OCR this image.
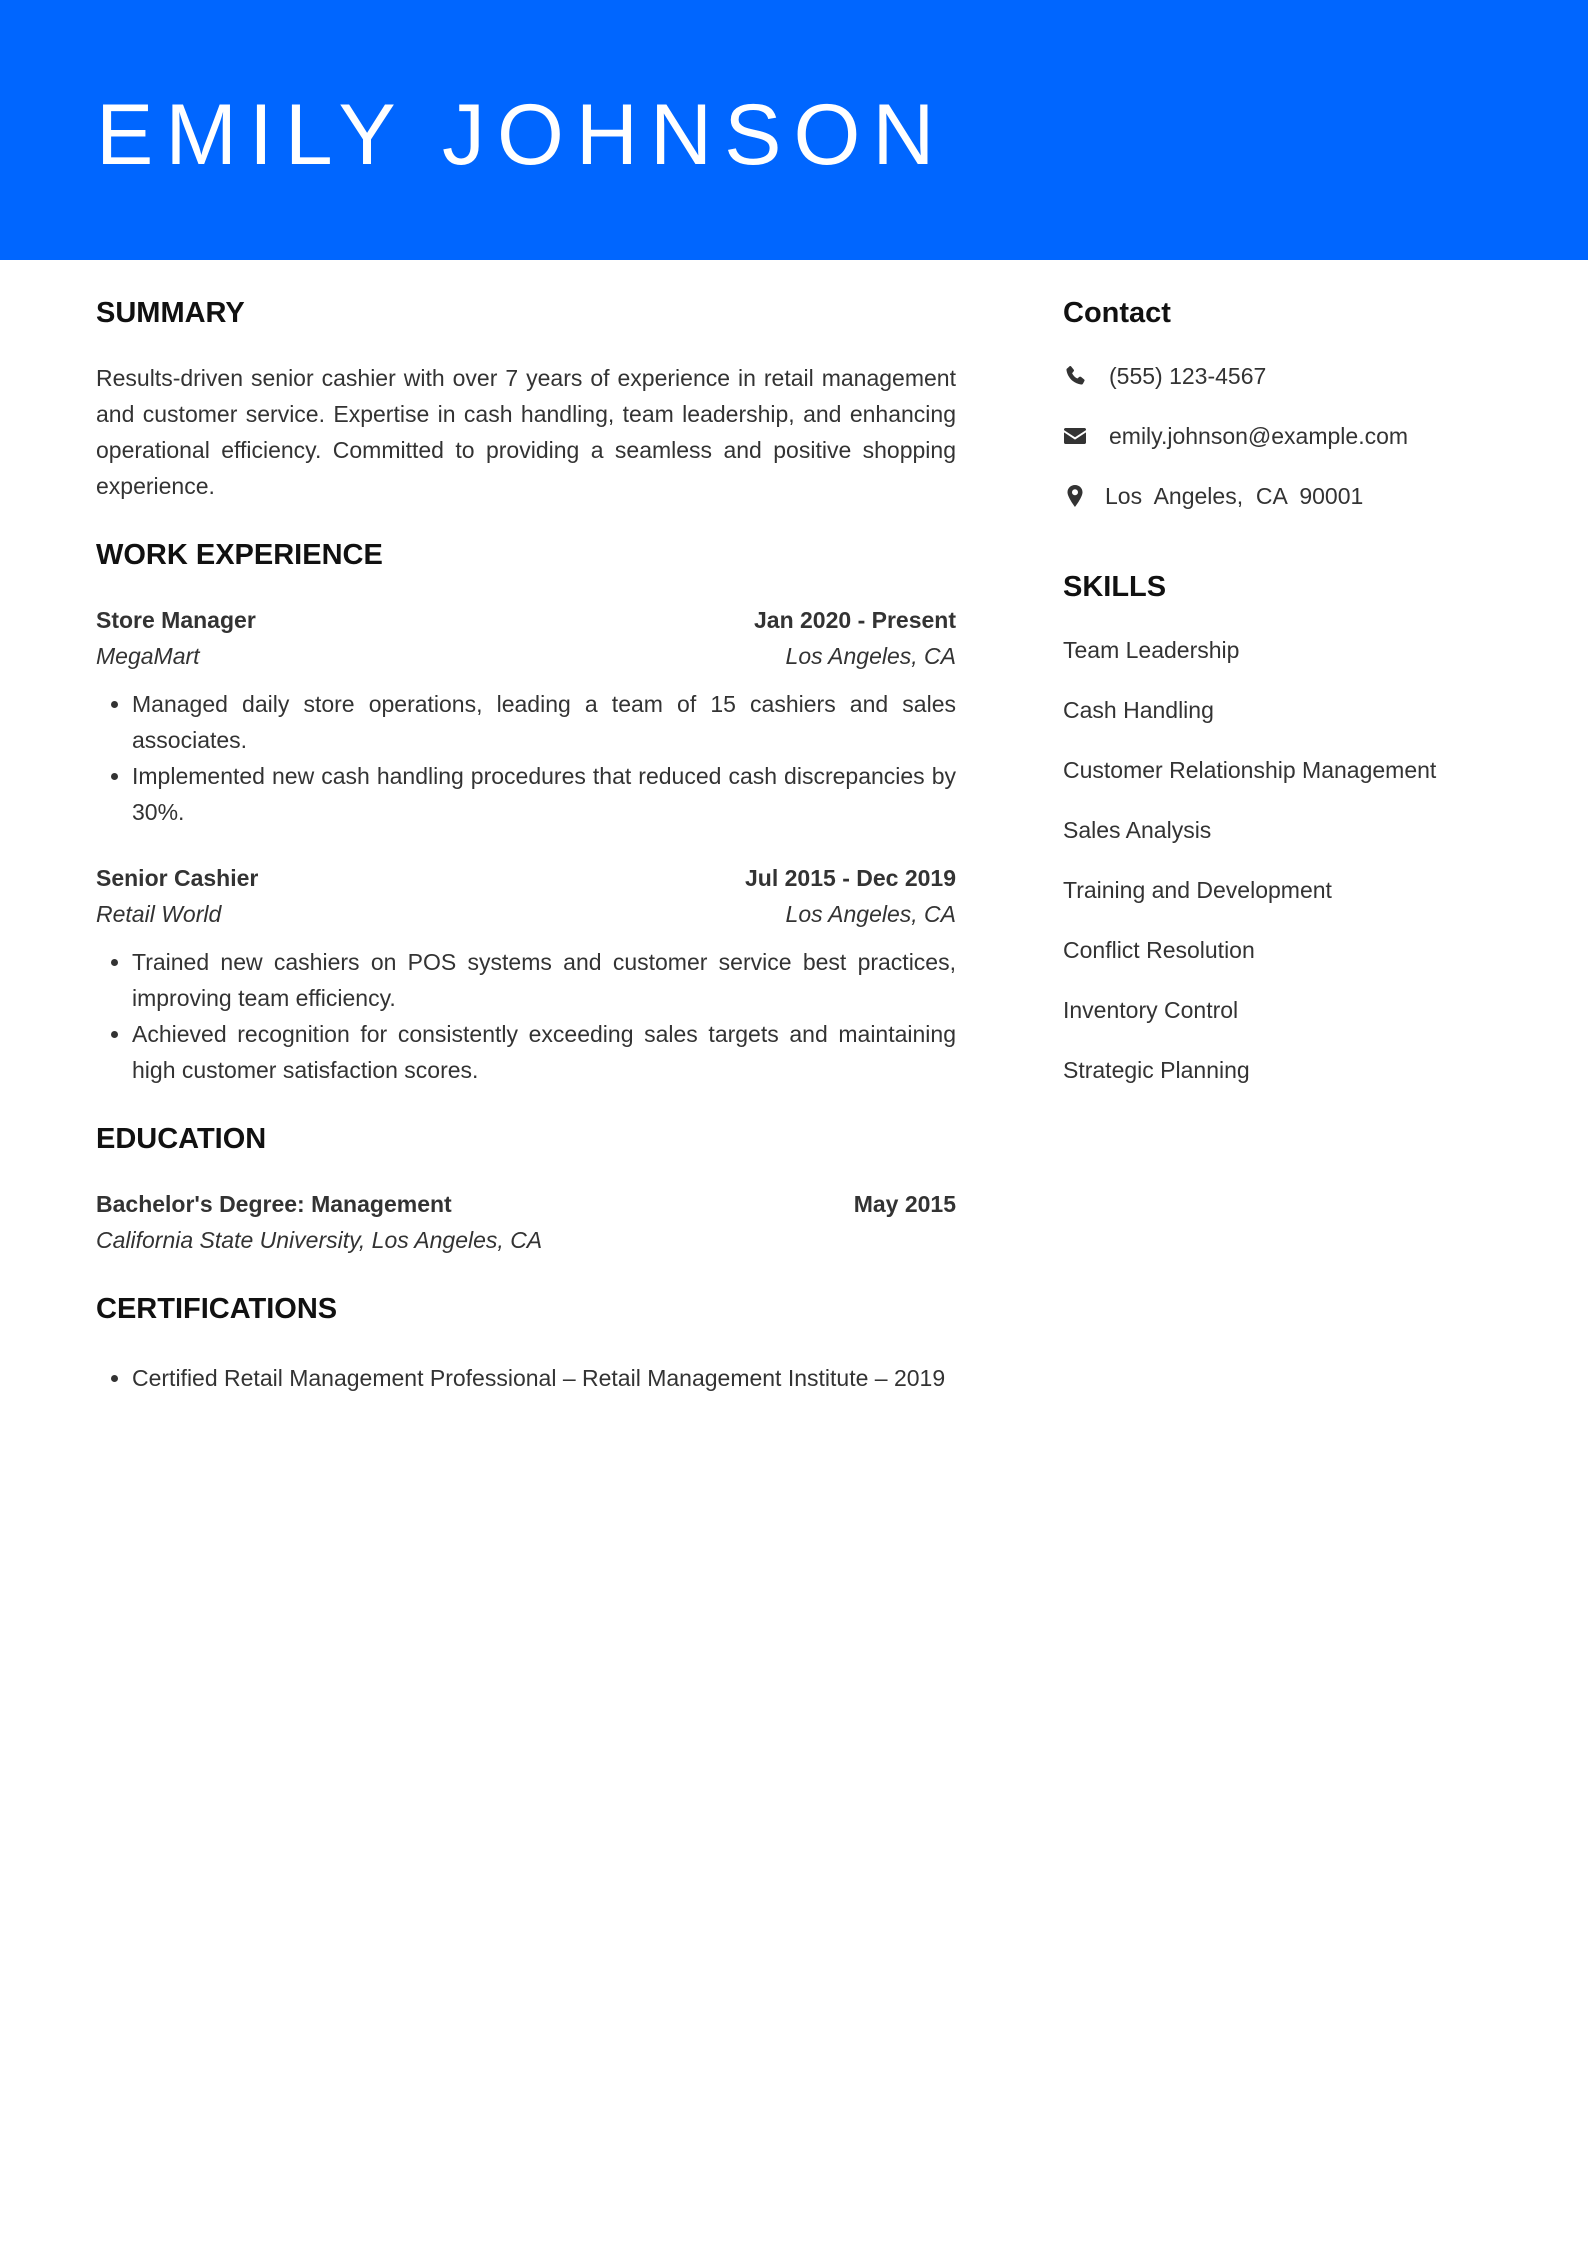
EMILY JOHNSON
SUMMARY

Results-driven senior cashier with over 7 years of experience in retail management and customer service. Expertise in cash handling, team leadership, and enhancing operational efficiency. Committed to providing a seamless and positive shopping experience.

WORK EXPERIENCE
Store Manager	Jan 2020 - Present
MegaMart	Los Angeles, CA
• Managed daily store operations, leading a team of 15 cashiers and sales associates.
• Implemented new cash handling procedures that reduced cash discrepancies by 30%.
Senior Cashier	Jul 2015 - Dec 2019
Retail World	Los Angeles, CA
• Trained new cashiers on POS systems and customer service best practices, improving team efficiency.
• Achieved recognition for consistently exceeding sales targets and maintaining high customer satisfaction scores.
EDUCATION
Bachelor's Degree: Management	May 2015
California State University, Los Angeles, CA
CERTIFICATIONS
• Certified Retail Management Professional – Retail Management Institute – 2019
Contact
(555) 123-4567
emily.johnson@example.com
Los  Angeles,  CA  90001
SKILLS
Team Leadership
Cash Handling
Customer Relationship Management
Sales Analysis
Training and Development
Conflict Resolution
Inventory Control
Strategic Planning
